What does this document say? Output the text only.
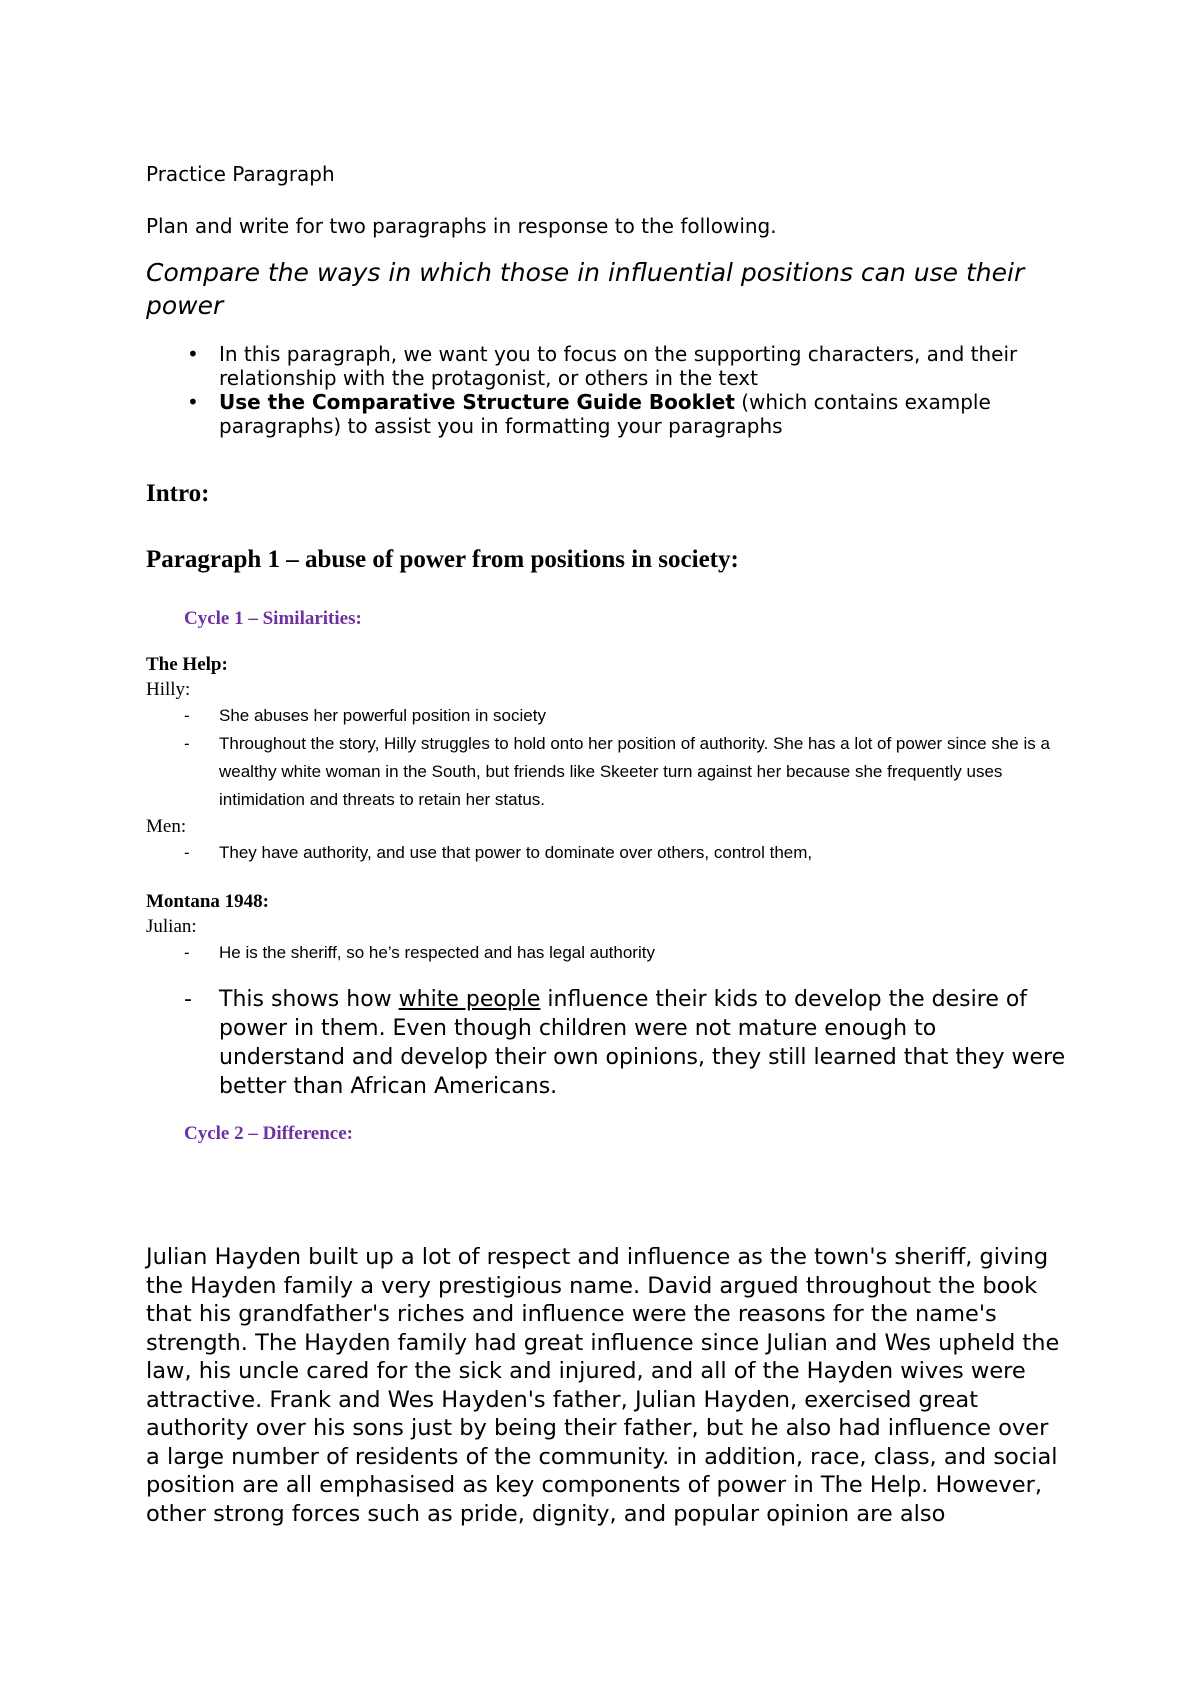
Practice Paragraph

Plan and write for two paragraphs in response to the following.

Compare the ways in which those in influential positions can use their power

• In this paragraph, we want you to focus on the supporting characters, and their relationship with the protagonist, or others in the text
• Use the Comparative Structure Guide Booklet (which contains example paragraphs) to assist you in formatting your paragraphs

Intro:

Paragraph 1 – abuse of power from positions in society:

Cycle 1 – Similarities:

The Help:

Hilly:

- She abuses her powerful position in society
- Throughout the story, Hilly struggles to hold onto her position of authority. She has a lot of power since she is a wealthy white woman in the South, but friends like Skeeter turn against her because she frequently uses intimidation and threats to retain her status.

Men:

- They have authority, and use that power to dominate over others, control them,

Montana 1948:

Julian:

- He is the sheriff, so he’s respected and has legal authority
- This shows how white people influence their kids to develop the desire of power in them. Even though children were not mature enough to understand and develop their own opinions, they still learned that they were better than African Americans.

Cycle 2 – Difference:

Julian Hayden built up a lot of respect and influence as the town's sheriff, giving the Hayden family a very prestigious name. David argued throughout the book that his grandfather's riches and influence were the reasons for the name's strength. The Hayden family had great influence since Julian and Wes upheld the law, his uncle cared for the sick and injured, and all of the Hayden wives were attractive. Frank and Wes Hayden's father, Julian Hayden, exercised great authority over his sons just by being their father, but he also had influence over a large number of residents of the community. in addition, race, class, and social position are all emphasised as key components of power in The Help. However, other strong forces such as pride, dignity, and popular opinion are also
